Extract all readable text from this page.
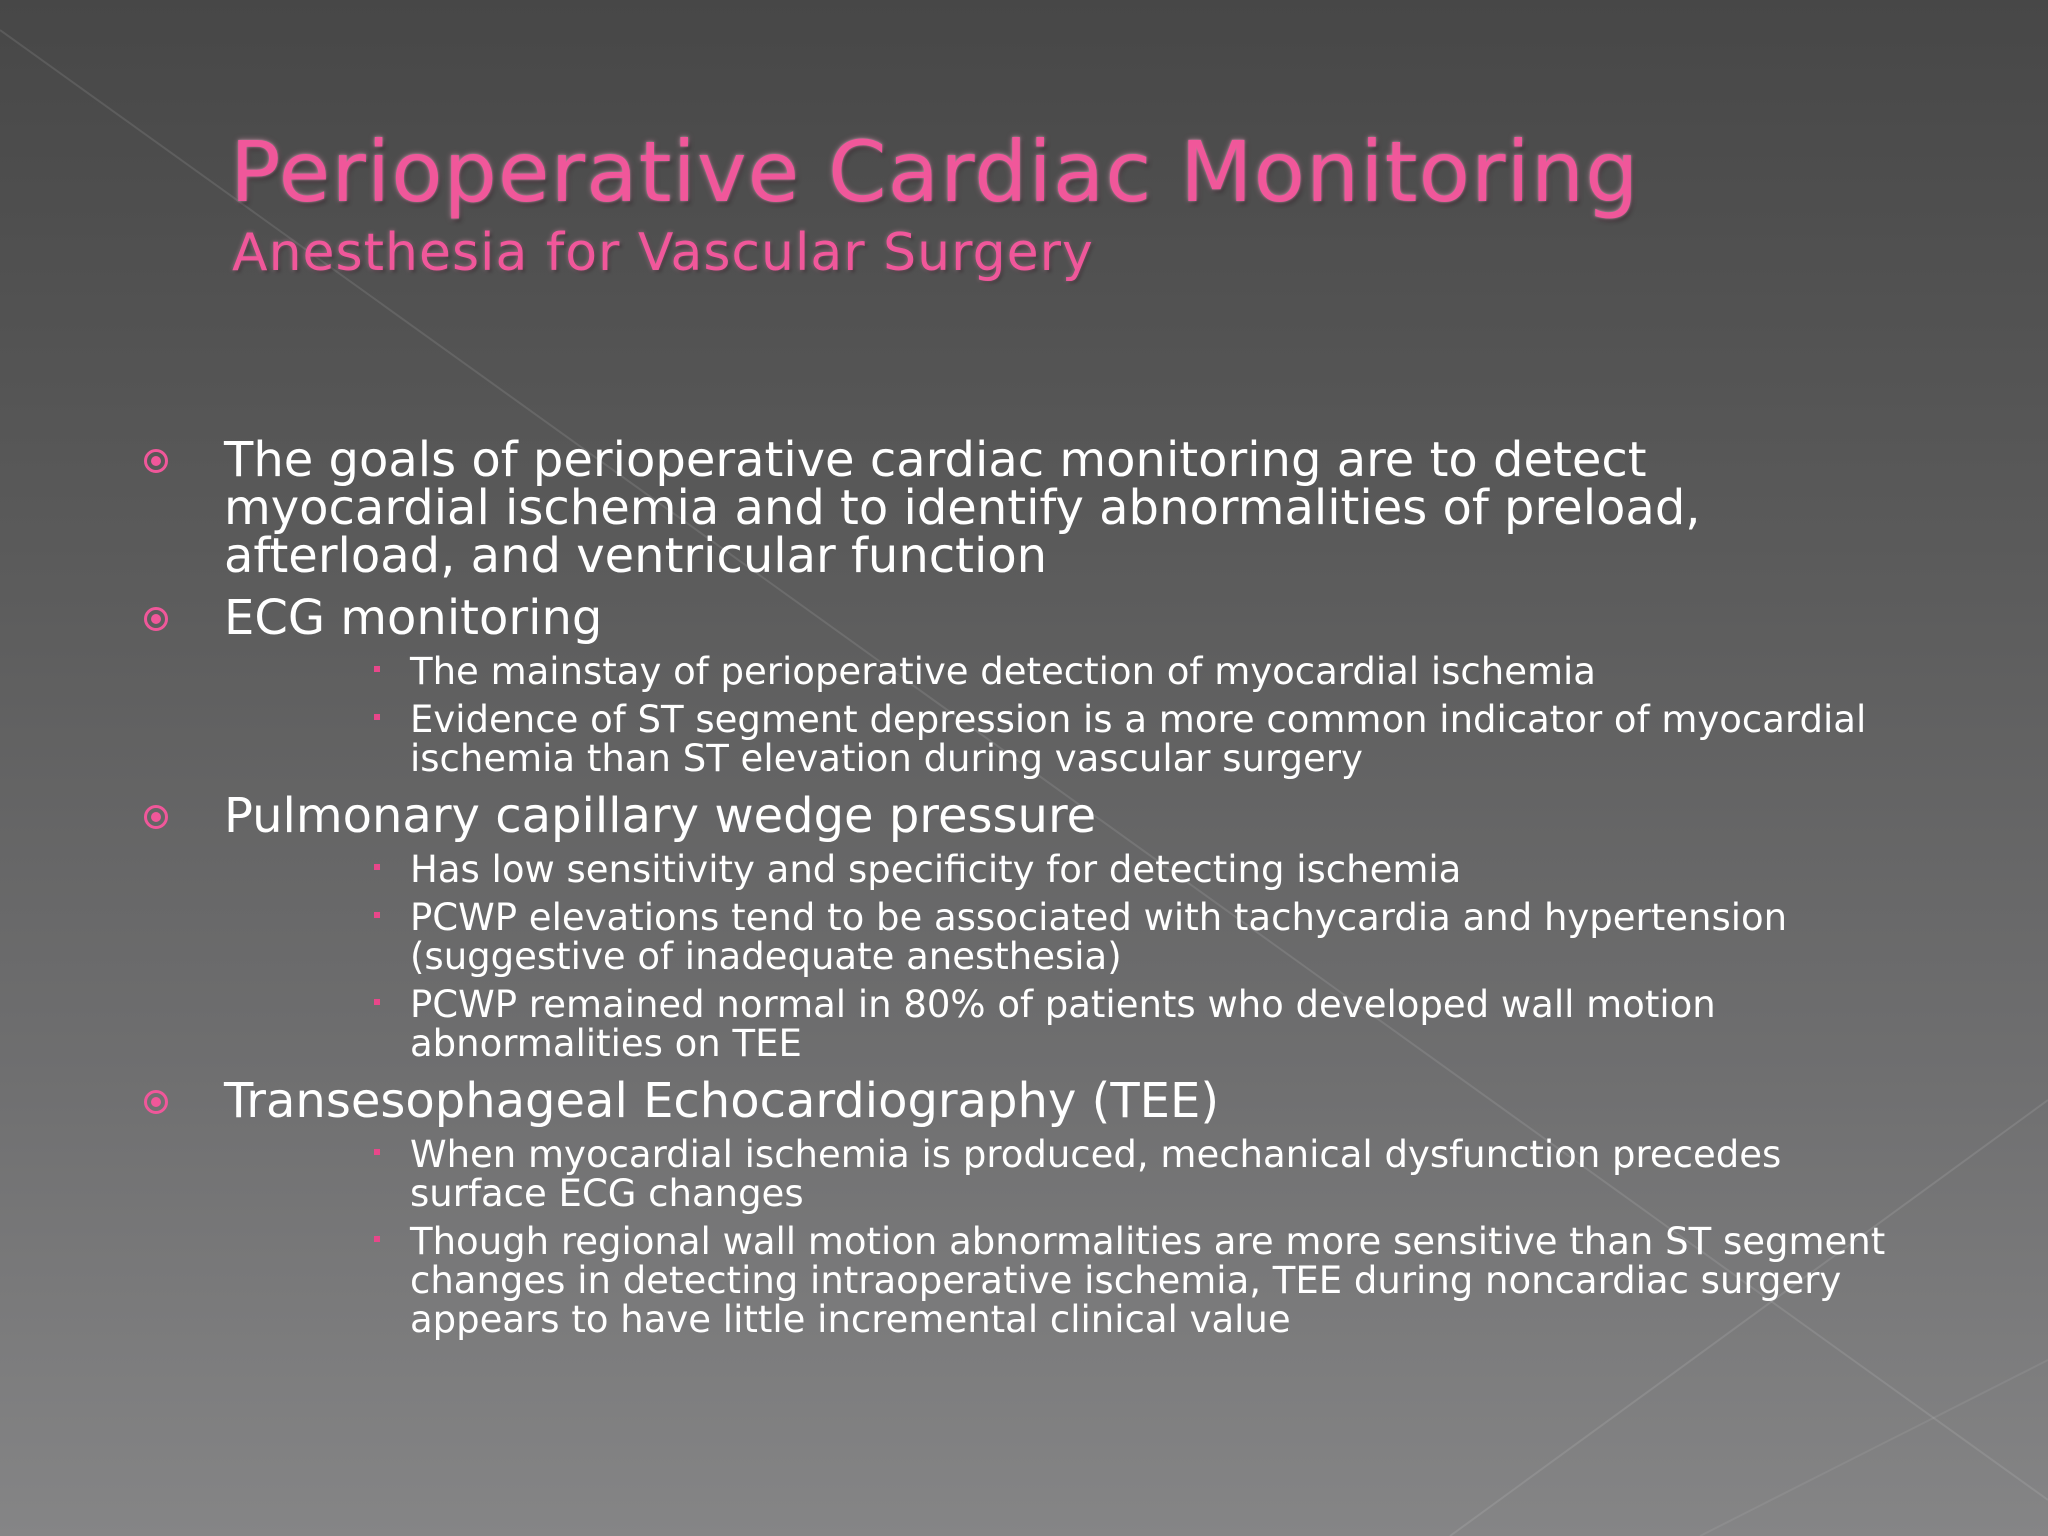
Perioperative Cardiac Monitoring
Anesthesia for Vascular Surgery
The goals of perioperative cardiac monitoring are to detect myocardial ischemia and to identify abnormalities of preload, afterload, and ventricular function
ECG monitoring
The mainstay of perioperative detection of myocardial ischemia
Evidence of ST segment depression is a more common indicator of myocardial ischemia than ST elevation during vascular surgery
Pulmonary capillary wedge pressure
Has low sensitivity and specificity for detecting ischemia
PCWP elevations tend to be associated with tachycardia and hypertension (suggestive of inadequate anesthesia)
PCWP remained normal in 80% of patients who developed wall motion abnormalities on TEE
Transesophageal Echocardiography (TEE)
When myocardial ischemia is produced, mechanical dysfunction precedes surface ECG changes
Though regional wall motion abnormalities are more sensitive than ST segment changes in detecting intraoperative ischemia, TEE during noncardiac surgery appears to have little incremental clinical value
